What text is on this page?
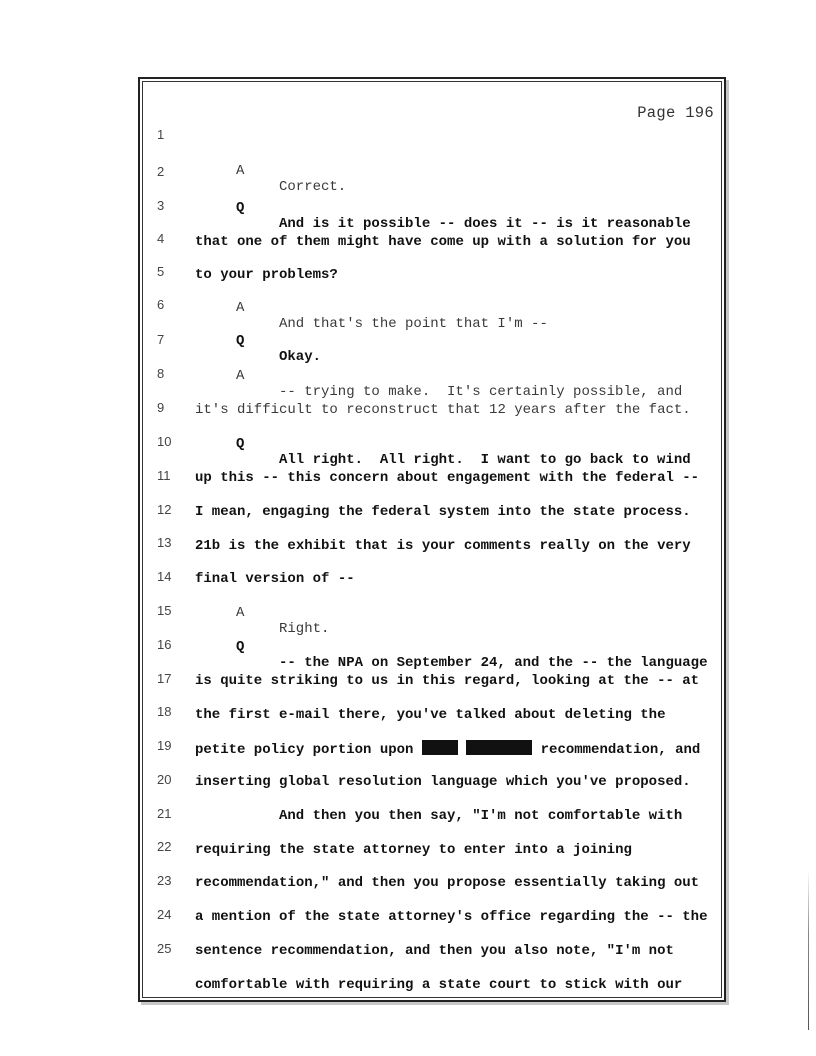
Page 196

1

A

Correct.

2

Q

And is it possible -- does it -- is it reasonable

3

that one of them might have come up with a solution for you

4

to your problems?

5

A

And that's the point that I'm --

6

Q

Okay.

7

A

-- trying to make.  It's certainly possible, and

8

it's difficult to reconstruct that 12 years after the fact.

9

Q

All right.  All right.  I want to go back to wind

10

up this -- this concern about engagement with the federal --

11

I mean, engaging the federal system into the state process.

12

21b is the exhibit that is your comments really on the very

13

final version of --

14

A

Right.

15

Q

-- the NPA on September 24, and the -- the language

16

is quite striking to us in this regard, looking at the -- at

17

the first e-mail there, you've talked about deleting the

18

petite policy portion upon	recommendation, and

19

inserting global resolution language which you've proposed.

20

And then you then say, "I'm not comfortable with

21

requiring the state attorney to enter into a joining

22

recommendation," and then you propose essentially taking out

23

a mention of the state attorney's office regarding the -- the

24

sentence recommendation, and then you also note, "I'm not

25

comfortable with requiring a state court to stick with our
